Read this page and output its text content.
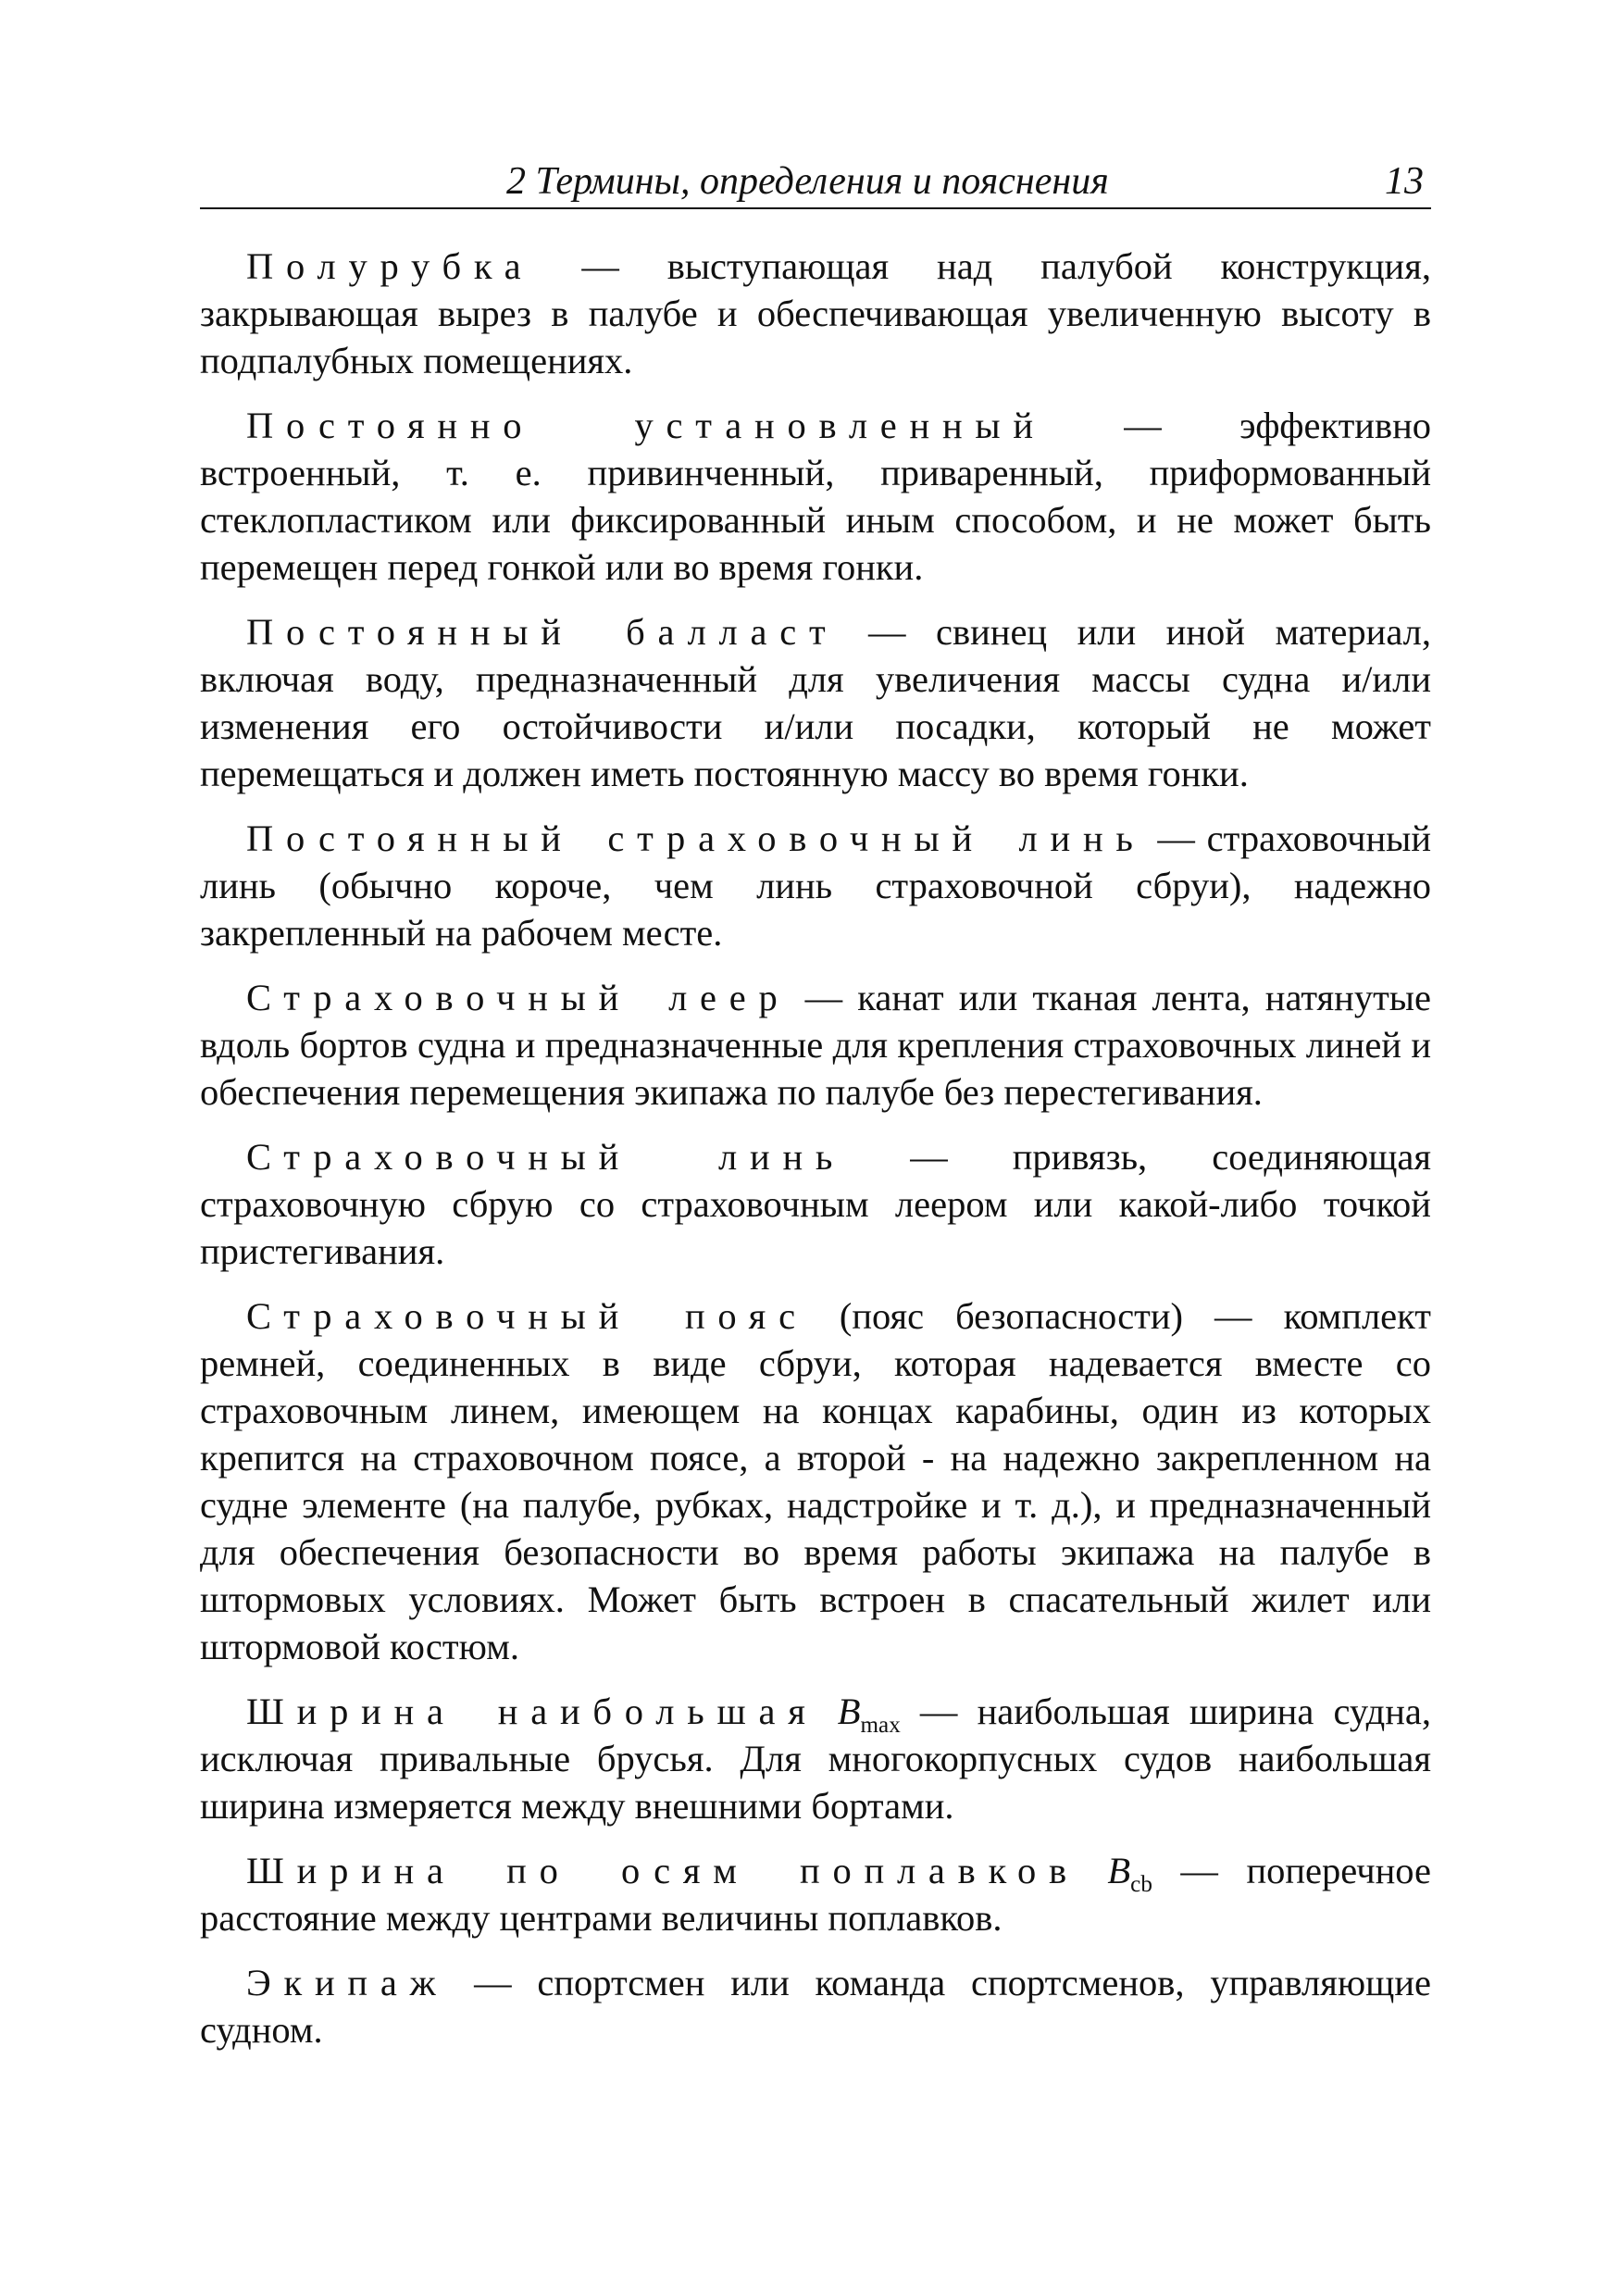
2 Термины, определения и пояснения	13

Полурубка — выступающая над палубой конструкция, закрывающая вырез в палубе и обеспечивающая увеличенную высоту в подпалубных помещениях.

Постоянно установленный — эффективно встроенный, т. е. привинченный, приваренный, приформованный стеклопластиком или фиксированный иным способом, и не может быть перемещен перед гонкой или во время гонки.

Постоянный балласт — свинец или иной материал, включая воду, предназначенный для увеличения массы судна и/или изменения его остойчивости и/или посадки, который не может перемещаться и должен иметь постоянную массу во время гонки.

Постоянный страховочный линь — страховочный линь (обычно короче, чем линь страховочной сбруи), надежно закрепленный на рабочем месте.

Страховочный леер — канат или тканая лента, натянутые вдоль бортов судна и предназначенные для крепления страховочных линей и обеспечения перемещения экипажа по палубе без перестегивания.

Страховочный линь — привязь, соединяющая страховочную сбрую со страховочным леером или какой-либо точкой пристегивания.

Страховочный пояс (пояс безопасности) — комплект ремней, соединенных в виде сбруи, которая надевается вместе со страховочным линем, имеющем на концах карабины, один из которых крепится на страховочном поясе, а второй - на надежно закрепленном на судне элементе (на палубе, рубках, надстройке и т. д.), и предназначенный для обеспечения безопасности во время работы экипажа на палубе в штормовых условиях. Может быть встроен в спасательный жилет или штормовой костюм.

Ширина наибольшая $B_{max}$ — наибольшая ширина судна, исключая привальные брусья. Для многокорпусных судов наибольшая ширина измеряется между внешними бортами.

Ширина по осям поплавков $B_{cb}$ — поперечное расстояние между центрами величины поплавков.

Экипаж — спортсмен или команда спортсменов, управляющие судном.
